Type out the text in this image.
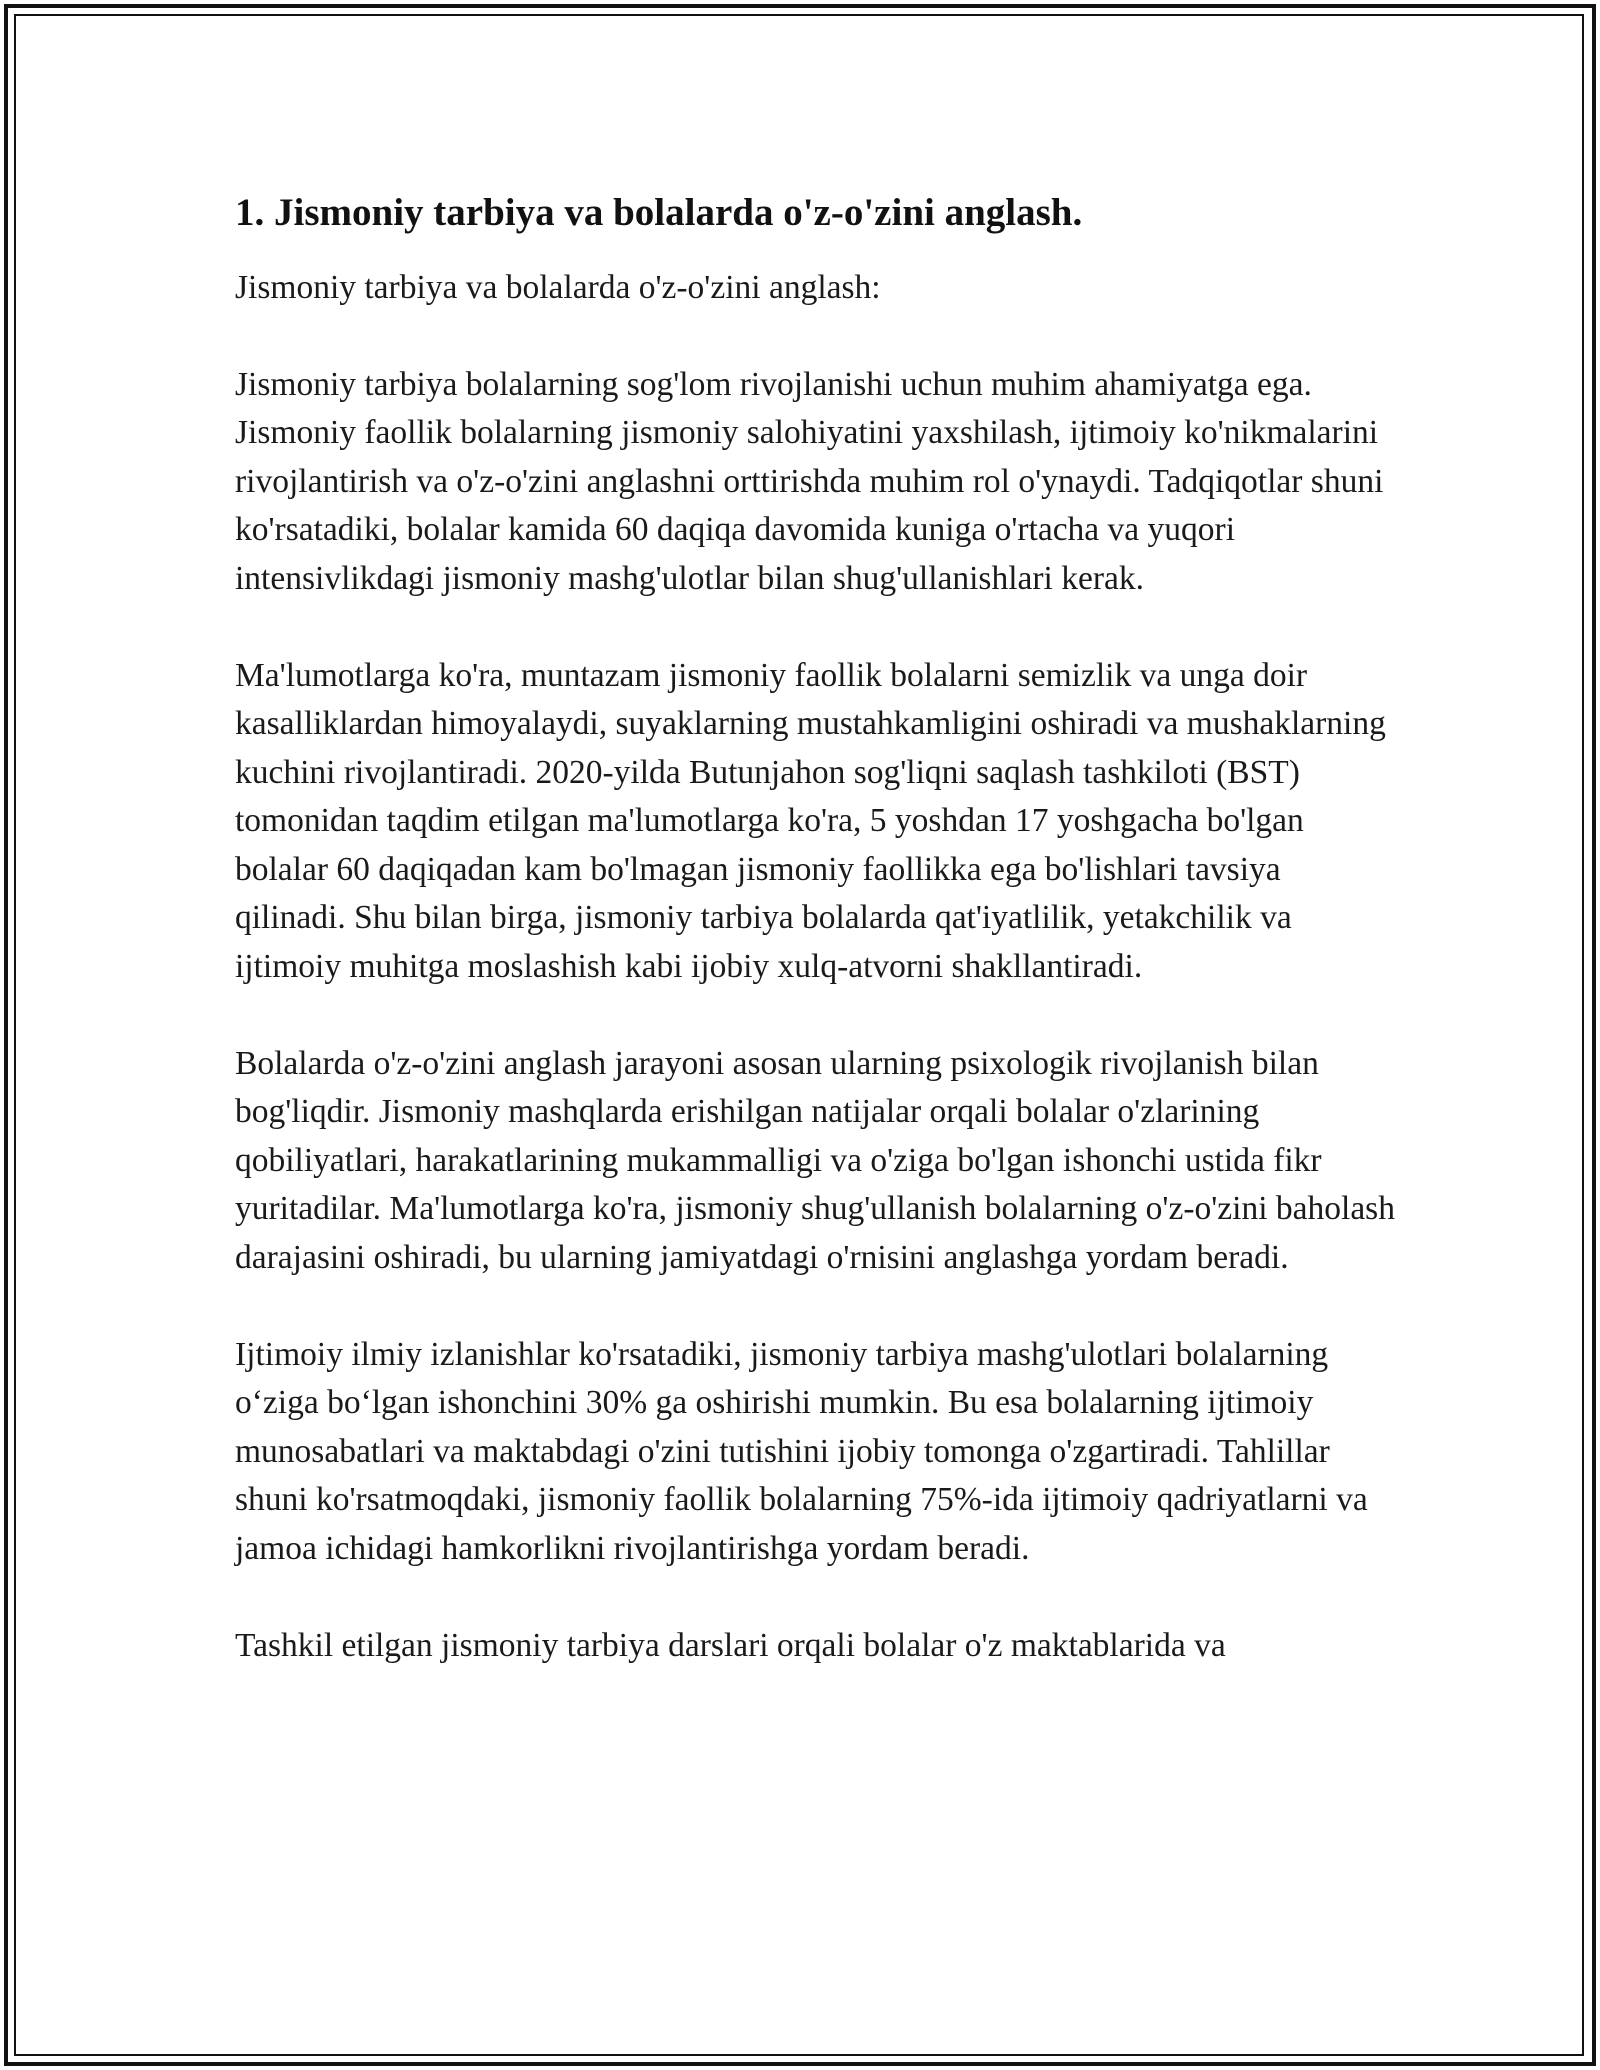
1. Jismoniy tarbiya va bolalarda o'z-o'zini anglash.

Jismoniy tarbiya va bolalarda o'z-o'zini anglash:

Jismoniy tarbiya bolalarning sog'lom rivojlanishi uchun muhim ahamiyatga ega. Jismoniy faollik bolalarning jismoniy salohiyatini yaxshilash, ijtimoiy ko'nikmalarini rivojlantirish va o'z-o'zini anglashni orttirishda muhim rol o'ynaydi. Tadqiqotlar shuni ko'rsatadiki, bolalar kamida 60 daqiqa davomida kuniga o'rtacha va yuqori intensivlikdagi jismoniy mashg'ulotlar bilan shug'ullanishlari kerak.

Ma'lumotlarga ko'ra, muntazam jismoniy faollik bolalarni semizlik va unga doir kasalliklardan himoyalaydi, suyaklarning mustahkamligini oshiradi va mushaklarning kuchini rivojlantiradi. 2020-yilda Butunjahon sog'liqni saqlash tashkiloti (BST) tomonidan taqdim etilgan ma'lumotlarga ko'ra, 5 yoshdan 17 yoshgacha bo'lgan bolalar 60 daqiqadan kam bo'lmagan jismoniy faollikka ega bo'lishlari tavsiya qilinadi. Shu bilan birga, jismoniy tarbiya bolalarda qat'iyatlilik, yetakchilik va ijtimoiy muhitga moslashish kabi ijobiy xulq-atvorni shakllantiradi.

Bolalarda o'z-o'zini anglash jarayoni asosan ularning psixologik rivojlanish bilan bog'liqdir. Jismoniy mashqlarda erishilgan natijalar orqali bolalar o'zlarining qobiliyatlari, harakatlarining mukammalligi va o'ziga bo'lgan ishonchi ustida fikr yuritadilar. Ma'lumotlarga ko'ra, jismoniy shug'ullanish bolalarning o'z-o'zini baholash darajasini oshiradi, bu ularning jamiyatdagi o'rnisini anglashga yordam beradi.

Ijtimoiy ilmiy izlanishlar ko'rsatadiki, jismoniy tarbiya mashg'ulotlari bolalarning o‘ziga bo‘lgan ishonchini 30% ga oshirishi mumkin. Bu esa bolalarning ijtimoiy munosabatlari va maktabdagi o'zini tutishini ijobiy tomonga o'zgartiradi. Tahlillar shuni ko'rsatmoqdaki, jismoniy faollik bolalarning 75%-ida ijtimoiy qadriyatlarni va jamoa ichidagi hamkorlikni rivojlantirishga yordam beradi.

Tashkil etilgan jismoniy tarbiya darslari orqali bolalar o'z maktablarida va
